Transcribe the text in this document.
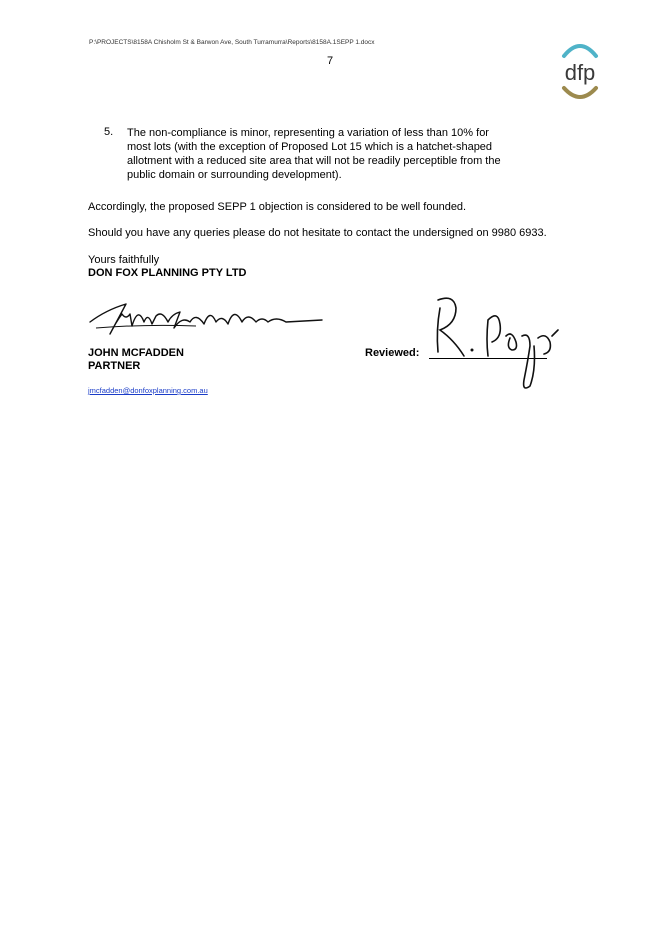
P:\PROJECTS\8158A Chisholm St & Barwon Ave, South Turramurra\Reports\8158A.1SEPP 1.docx
7	dfp
5. The non-compliance is minor, representing a variation of less than 10% for
most lots (with the exception of Proposed Lot 15 which is a hatchet-shaped
allotment with a reduced site area that will not be readily perceptible from the
public domain or surrounding development).
Accordingly, the proposed SEPP 1 objection is considered to be well founded.
Should you have any queries please do not hesitate to contact the undersigned on 9980 6933.
Yours faithfully
DON FOX PLANNING PTY LTD
JOHN MCFADDEN
PARTNER
Reviewed:
jmcfadden@donfoxplanning.com.au
